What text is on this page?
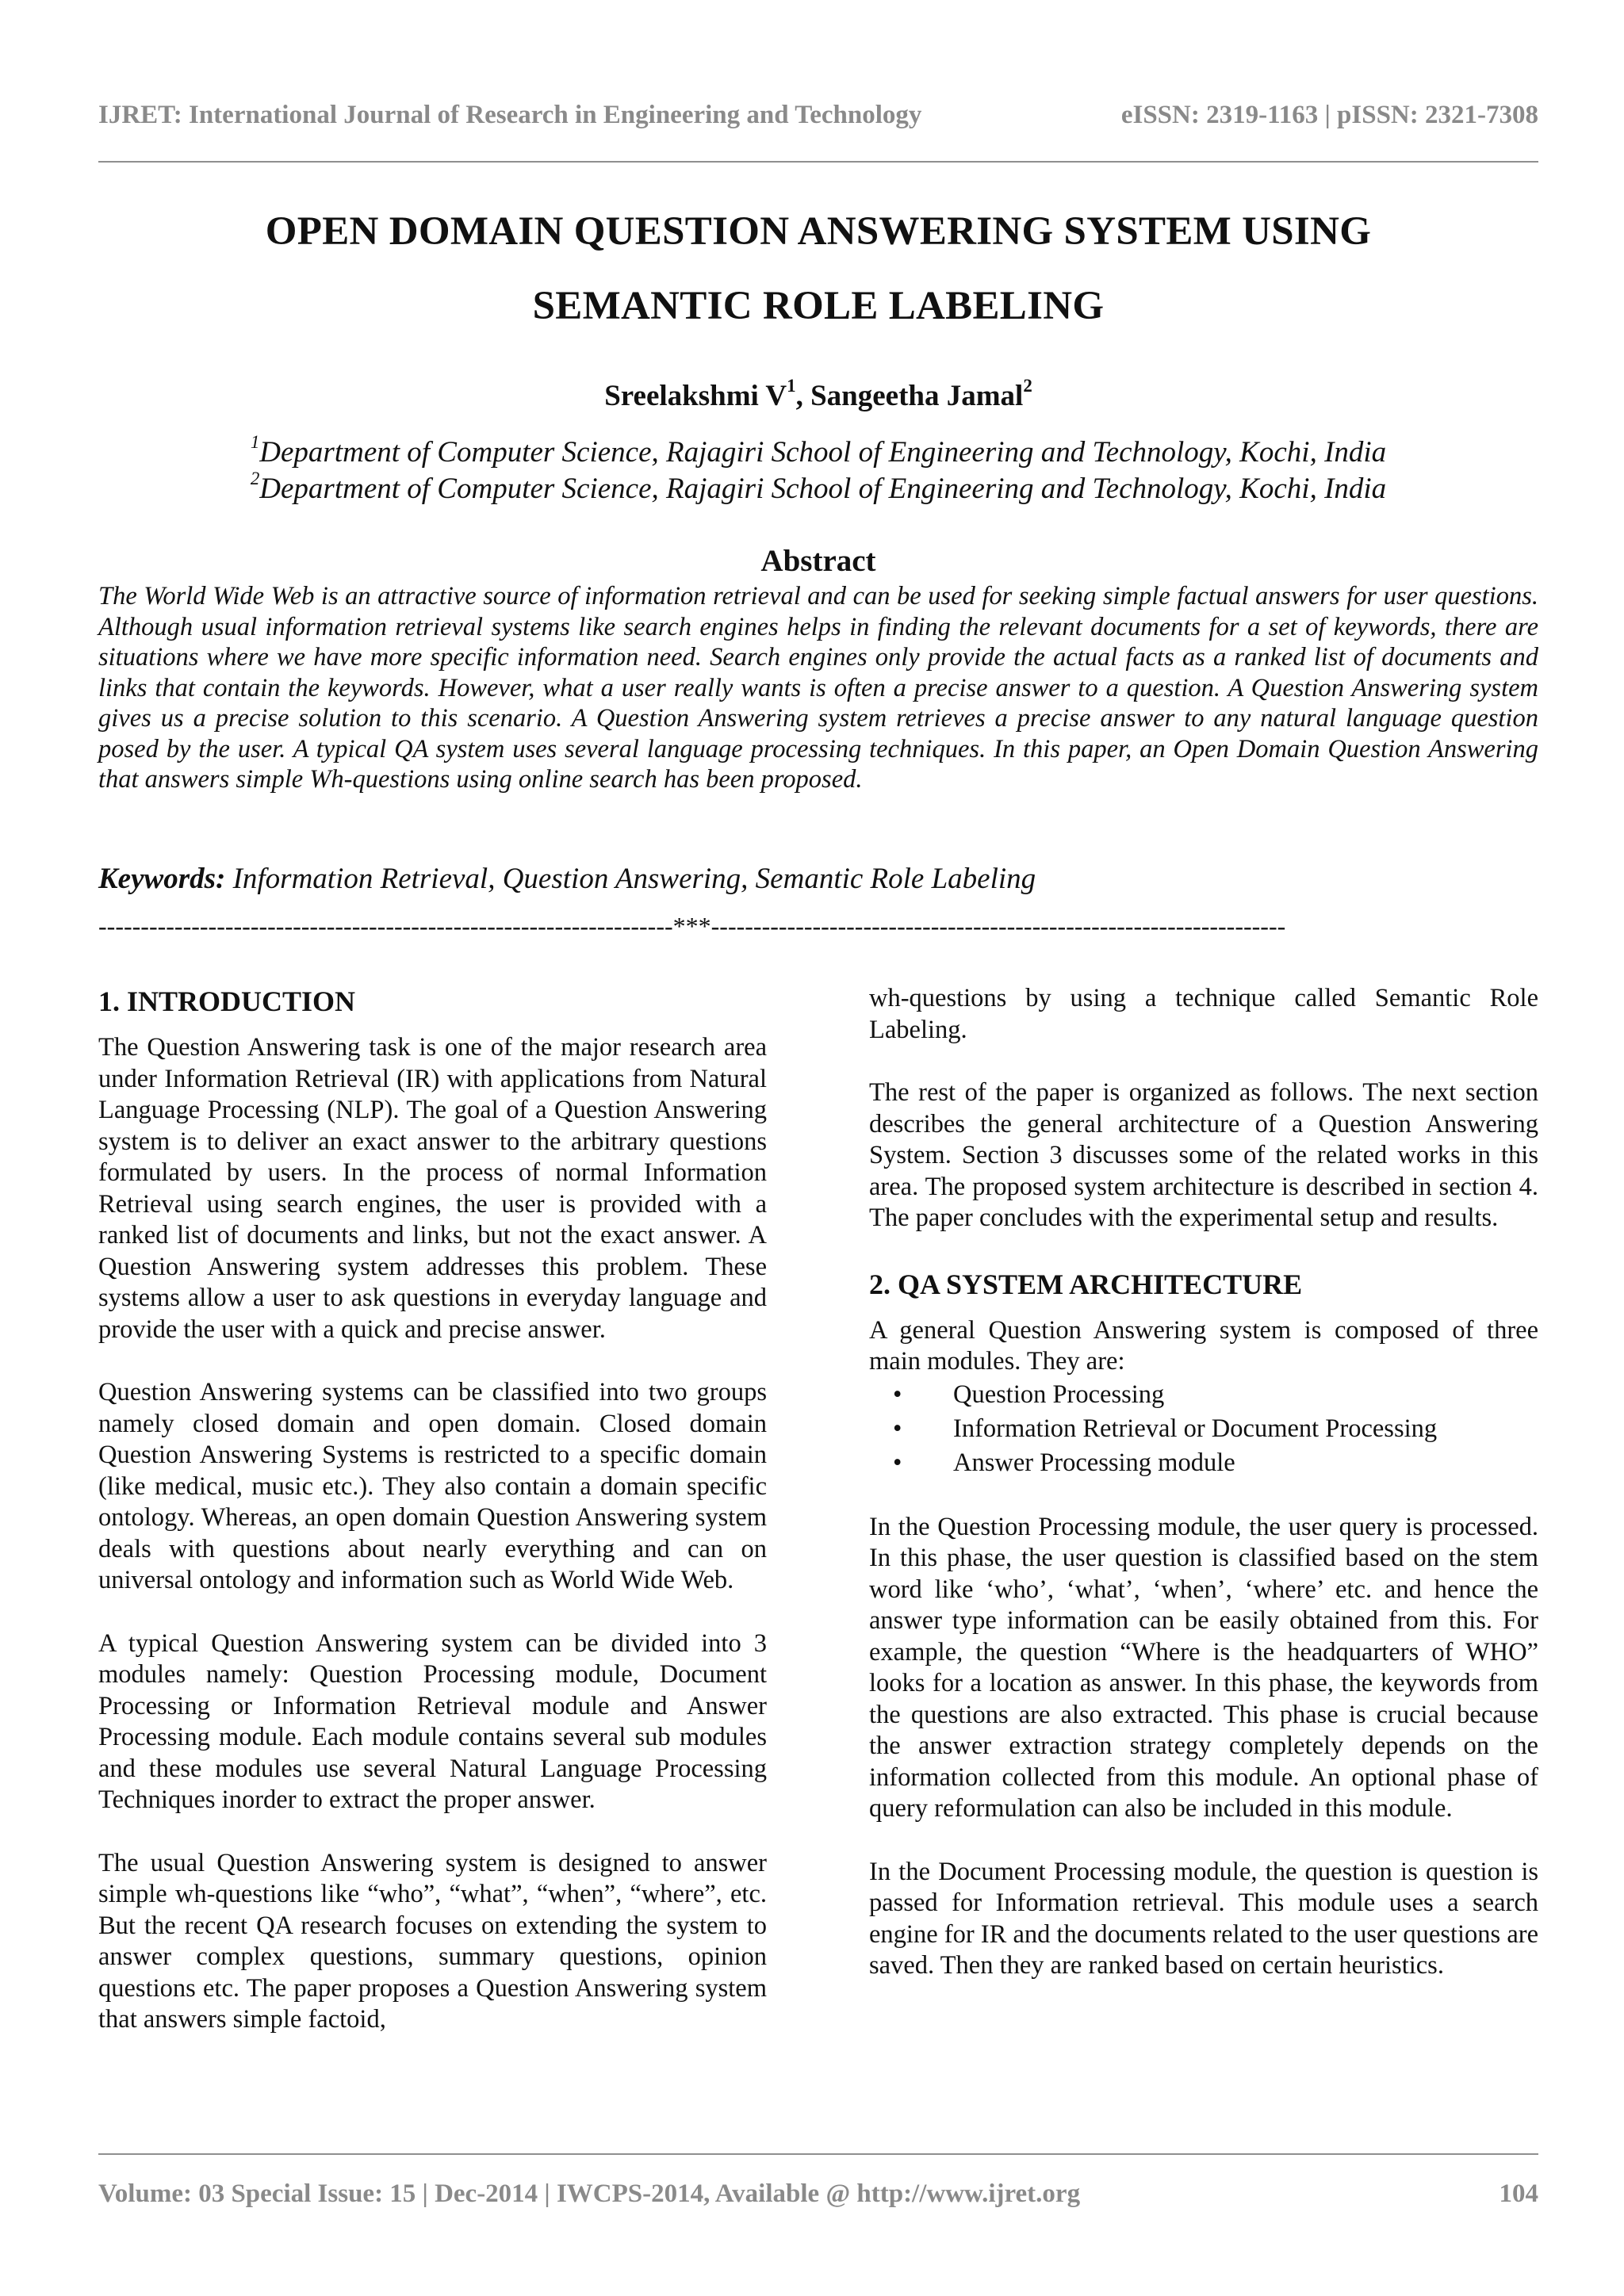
IJRET: International Journal of Research in Engineering and Technology	eISSN: 2319-1163 | pISSN: 2321-7308
OPEN DOMAIN QUESTION ANSWERING SYSTEM USING
SEMANTIC ROLE LABELING
Sreelakshmi $V^1$, Sangeetha Jamal$^2$
$^1$Department of Computer Science, Rajagiri School of Engineering and Technology, Kochi, India
$^2$Department of Computer Science, Rajagiri School of Engineering and Technology, Kochi, India
Abstract
The World Wide Web is an attractive source of information retrieval and can be used for seeking simple factual answers for user questions. Although usual information retrieval systems like search engines helps in finding the relevant documents for a set of keywords, there are situations where we have more specific information need. Search engines only provide the actual facts as a ranked list of documents and links that contain the keywords. However, what a user really wants is often a precise answer to a question. A Question Answering system gives us a precise solution to this scenario. A Question Answering system retrieves a precise answer to any natural language question posed by the user. A typical QA system uses several language processing techniques. In this paper, an Open Domain Question Answering that answers simple Wh-questions using online search has been proposed.
Keywords: Information Retrieval, Question Answering, Semantic Role Labeling
--------------------------------------------------------------------***--------------------------------------------------------------------
1. INTRODUCTION

The Question Answering task is one of the major research area under Information Retrieval (IR) with applications from Natural Language Processing (NLP). The goal of a Question Answering system is to deliver an exact answer to the arbitrary questions formulated by users. In the process of normal Information Retrieval using search engines, the user is provided with a ranked list of documents and links, but not the exact answer. A Question Answering system addresses this problem. These systems allow a user to ask questions in everyday language and provide the user with a quick and precise answer.

Question Answering systems can be classified into two groups namely closed domain and open domain. Closed domain Question Answering Systems is restricted to a specific domain (like medical, music etc.). They also contain a domain specific ontology. Whereas, an open domain Question Answering system deals with questions about nearly everything and can on universal ontology and information such as World Wide Web.

A typical Question Answering system can be divided into 3 modules namely: Question Processing module, Document Processing or Information Retrieval module and Answer Processing module. Each module contains several sub modules and these modules use several Natural Language Processing Techniques inorder to extract the proper answer.

The usual Question Answering system is designed to answer simple wh-questions like “who”, “what”, “when”, “where”, etc. But the recent QA research focuses on extending the system to answer complex questions, summary questions, opinion questions etc. The paper proposes a Question Answering system that answers simple factoid,

wh-questions by using a technique called Semantic Role Labeling.

The rest of the paper is organized as follows. The next section describes the general architecture of a Question Answering System. Section 3 discusses some of the related works in this area. The proposed system architecture is described in section 4. The paper concludes with the experimental setup and results.

2. QA SYSTEM ARCHITECTURE

A general Question Answering system is composed of three main modules. They are:

• Question Processing
• Information Retrieval or Document Processing
• Answer Processing module

In the Question Processing module, the user query is processed. In this phase, the user question is classified based on the stem word like ‘who’, ‘what’, ‘when’, ‘where’ etc. and hence the answer type information can be easily obtained from this. For example, the question “Where is the headquarters of WHO” looks for a location as answer. In this phase, the keywords from the questions are also extracted. This phase is crucial because the answer extraction strategy completely depends on the information collected from this module. An optional phase of query reformulation can also be included in this module.

In the Document Processing module, the question is question is passed for Information retrieval. This module uses a search engine for IR and the documents related to the user questions are saved. Then they are ranked based on certain heuristics.

Volume: 03 Special Issue: 15 | Dec-2014 | IWCPS-2014, Available @ http://www.ijret.org	104
